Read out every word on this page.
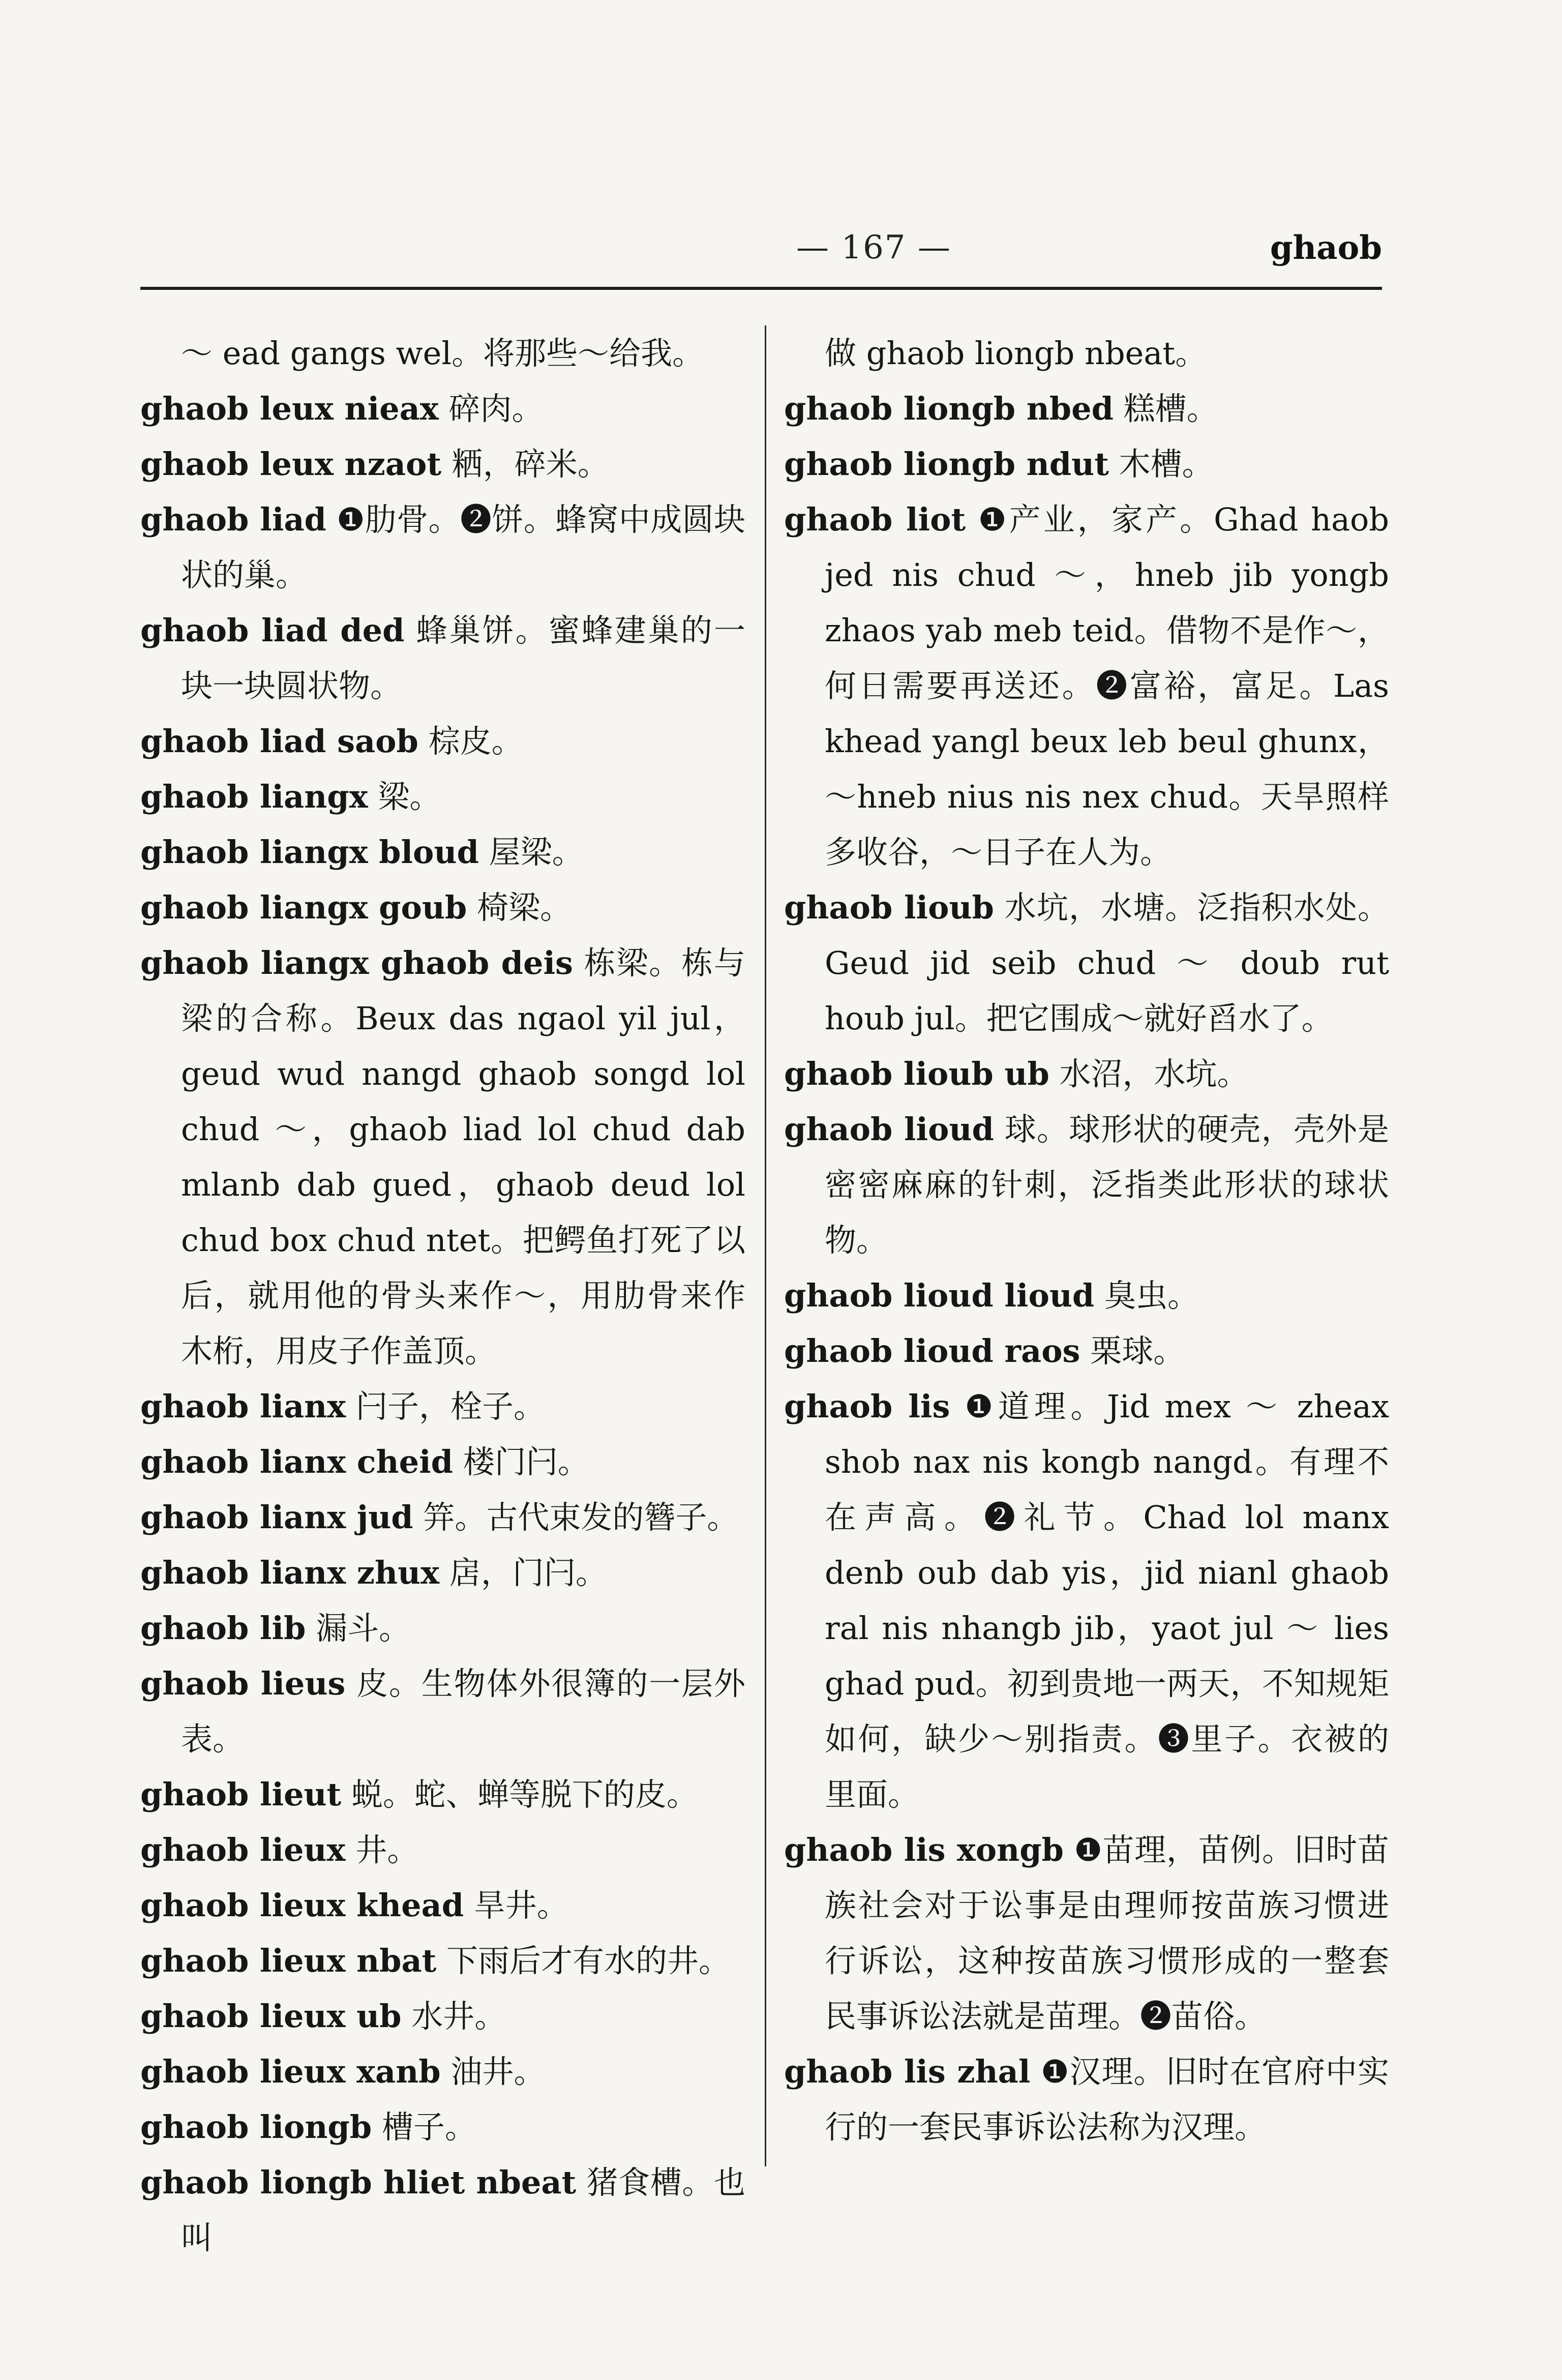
— 167 —	ghaob

～ ead gangs wel。将那些～给我。

ghaob leux nieax 碎肉。

ghaob leux nzaot 粞，碎米。

ghaob liad ❶肋骨。❷饼。蜂窝中成圆块状的巢。

ghaob liad ded 蜂巢饼。蜜蜂建巢的一块一块圆状物。

ghaob liad saob 棕皮。

ghaob liangx 梁。

ghaob liangx bloud 屋梁。

ghaob liangx goub 椅梁。

ghaob liangx ghaob deis 栋梁。栋与梁的合称。Beux das ngaol yil jul，geud wud nangd ghaob songd lol chud ～，ghaob liad lol chud dab mlanb dab gued，ghaob deud lol chud box chud ntet。把鳄鱼打死了以后，就用他的骨头来作～，用肋骨来作木桁，用皮子作盖顶。

ghaob lianx 闩子，栓子。

ghaob lianx cheid 楼门闩。

ghaob lianx jud 笄。古代束发的簪子。

ghaob lianx zhux 扂，门闩。

ghaob lib 漏斗。

ghaob lieus 皮。生物体外很簿的一层外表。

ghaob lieut 蜕。蛇、蝉等脱下的皮。

ghaob lieux 井。

ghaob lieux khead 旱井。

ghaob lieux nbat 下雨后才有水的井。

ghaob lieux ub 水井。

ghaob lieux xanb 油井。

ghaob liongb 槽子。

ghaob liongb hliet nbeat 猪食槽。也叫

做 ghaob liongb nbeat。

ghaob liongb nbed 糕槽。

ghaob liongb ndut 木槽。

ghaob liot ❶产业，家产。Ghad haob jed nis chud ～，hneb jib yongb zhaos yab meb teid。借物不是作～，何日需要再送还。❷富裕，富足。Las khead yangl beux leb beul ghunx，～hneb nius nis nex chud。天旱照样多收谷，～日子在人为。

ghaob lioub 水坑，水塘。泛指积水处。Geud jid seib chud ～ doub rut houb jul。把它围成～就好舀水了。

ghaob lioub ub 水沼，水坑。

ghaob lioud 球。球形状的硬壳，壳外是密密麻麻的针刺，泛指类此形状的球状物。

ghaob lioud lioud 臭虫。

ghaob lioud raos 栗球。

ghaob lis ❶道理。Jid mex ～ zheax shob nax nis kongb nangd。有理不在声高。❷礼节。Chad lol manx denb oub dab yis，jid nianl ghaob ral nis nhangb jib，yaot jul ～ lies ghad pud。初到贵地一两天，不知规矩如何，缺少～别指责。❸里子。衣被的里面。

ghaob lis xongb ❶苗理，苗例。旧时苗族社会对于讼事是由理师按苗族习惯进行诉讼，这种按苗族习惯形成的一整套民事诉讼法就是苗理。❷苗俗。

ghaob lis zhal ❶汉理。旧时在官府中实行的一套民事诉讼法称为汉理。
